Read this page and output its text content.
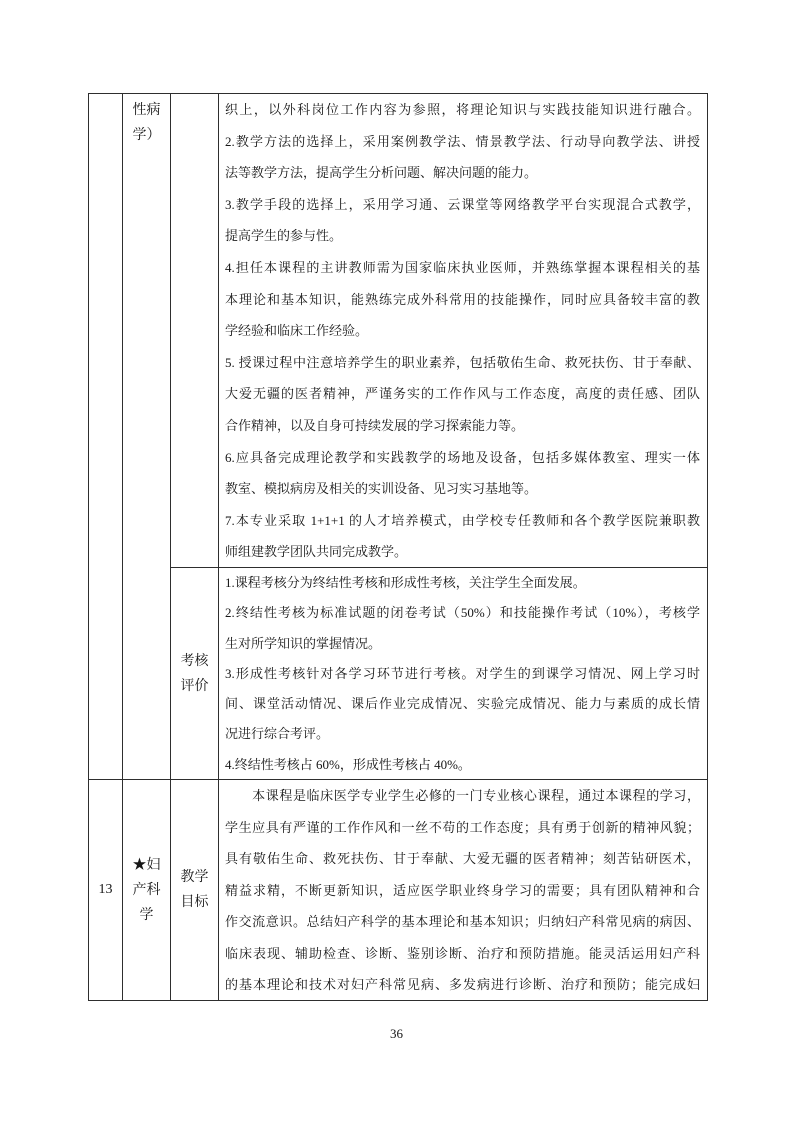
性病
学）
织上，以外科岗位工作内容为参照，将理论知识与实践技能知识进行融合。
2.教学方法的选择上，采用案例教学法、情景教学法、行动导向教学法、讲授
法等教学方法，提高学生分析问题、解决问题的能力。
3.教学手段的选择上，采用学习通、云课堂等网络教学平台实现混合式教学，
提高学生的参与性。
4.担任本课程的主讲教师需为国家临床执业医师，并熟练掌握本课程相关的基
本理论和基本知识，能熟练完成外科常用的技能操作，同时应具备较丰富的教
学经验和临床工作经验。
5. 授课过程中注意培养学生的职业素养，包括敬佑生命、救死扶伤、甘于奉献、
大爱无疆的医者精神，严谨务实的工作作风与工作态度，高度的责任感、团队
合作精神，以及自身可持续发展的学习探索能力等。
6.应具备完成理论教学和实践教学的场地及设备，包括多媒体教室、理实一体
教室、模拟病房及相关的实训设备、见习实习基地等。
7.本专业采取 1+1+1 的人才培养模式，由学校专任教师和各个教学医院兼职教
师组建教学团队共同完成教学。
考核
评价
1.课程考核分为终结性考核和形成性考核，关注学生全面发展。
2.终结性考核为标准试题的闭卷考试（50%）和技能操作考试（10%），考核学
生对所学知识的掌握情况。
3.形成性考核针对各学习环节进行考核。对学生的到课学习情况、网上学习时
间、课堂活动情况、课后作业完成情况、实验完成情况、能力与素质的成长情
况进行综合考评。
4.终结性考核占 60%，形成性考核占 40%。
13
★妇
产科
学
教学
目标
　　本课程是临床医学专业学生必修的一门专业核心课程，通过本课程的学习，
学生应具有严谨的工作作风和一丝不苟的工作态度；具有勇于创新的精神风貌；
具有敬佑生命、救死扶伤、甘于奉献、大爱无疆的医者精神；刻苦钻研医术，
精益求精，不断更新知识，适应医学职业终身学习的需要；具有团队精神和合
作交流意识。总结妇产科学的基本理论和基本知识；归纳妇产科常见病的病因、
临床表现、辅助检查、诊断、鉴别诊断、治疗和预防措施。能灵活运用妇产科
的基本理论和技术对妇产科常见病、多发病进行诊断、治疗和预防；能完成妇
36
